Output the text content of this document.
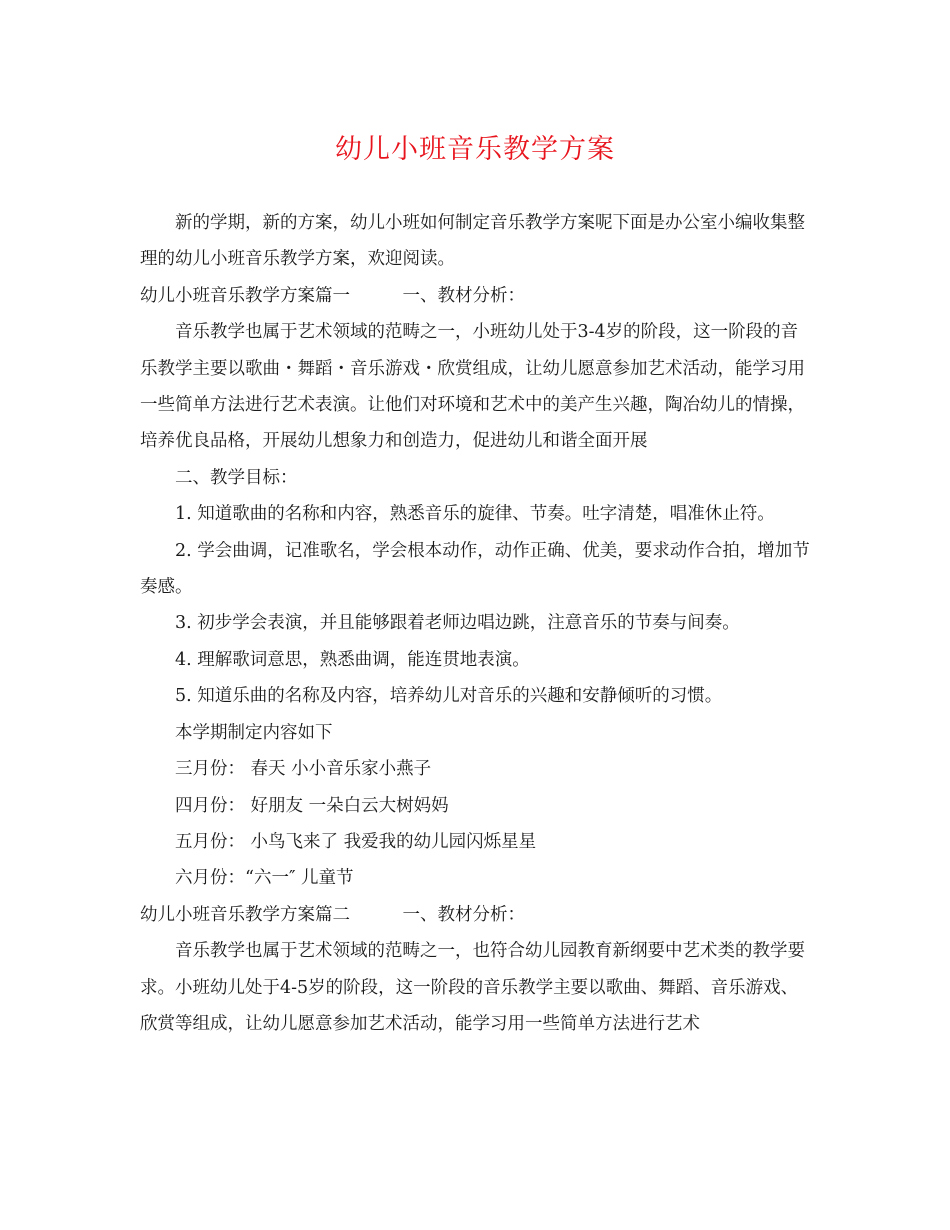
幼儿小班音乐教学方案

新的学期，新的方案，幼儿小班如何制定音乐教学方案呢下面是办公室小编收集整理的幼儿小班音乐教学方案，欢迎阅读。

幼儿小班音乐教学方案篇一　　　一、教材分析：

音乐教学也属于艺术领域的范畴之一，小班幼儿处于3-4岁的阶段，这一阶段的音乐教学主要以歌曲・舞蹈・音乐游戏・欣赏组成，让幼儿愿意参加艺术活动，能学习用一些简单方法进行艺术表演。让他们对环境和艺术中的美产生兴趣，陶冶幼儿的情操，培养优良品格，开展幼儿想象力和创造力，促进幼儿和谐全面开展

二、教学目标：

1. 知道歌曲的名称和内容，熟悉音乐的旋律、节奏。吐字清楚，唱准休止符。

2. 学会曲调，记准歌名，学会根本动作，动作正确、优美，要求动作合拍，增加节 奏感。

3. 初步学会表演，并且能够跟着老师边唱边跳，注意音乐的节奏与间奏。

4. 理解歌词意思，熟悉曲调，能连贯地表演。

5. 知道乐曲的名称及内容，培养幼儿对音乐的兴趣和安静倾听的习惯。

本学期制定内容如下

三月份： 春天 小小音乐家小燕子

四月份： 好朋友 一朵白云大树妈妈

五月份： 小鸟飞来了 我爱我的幼儿园闪烁星星

六月份：“六一″ 儿童节

幼儿小班音乐教学方案篇二　　　一、教材分析：

音乐教学也属于艺术领域的范畴之一，也符合幼儿园教育新纲要中艺术类的教学要求。小班幼儿处于4-5岁的阶段，这一阶段的音乐教学主要以歌曲、舞蹈、音乐游戏、欣赏等组成，让幼儿愿意参加艺术活动，能学习用一些简单方法进行艺术
